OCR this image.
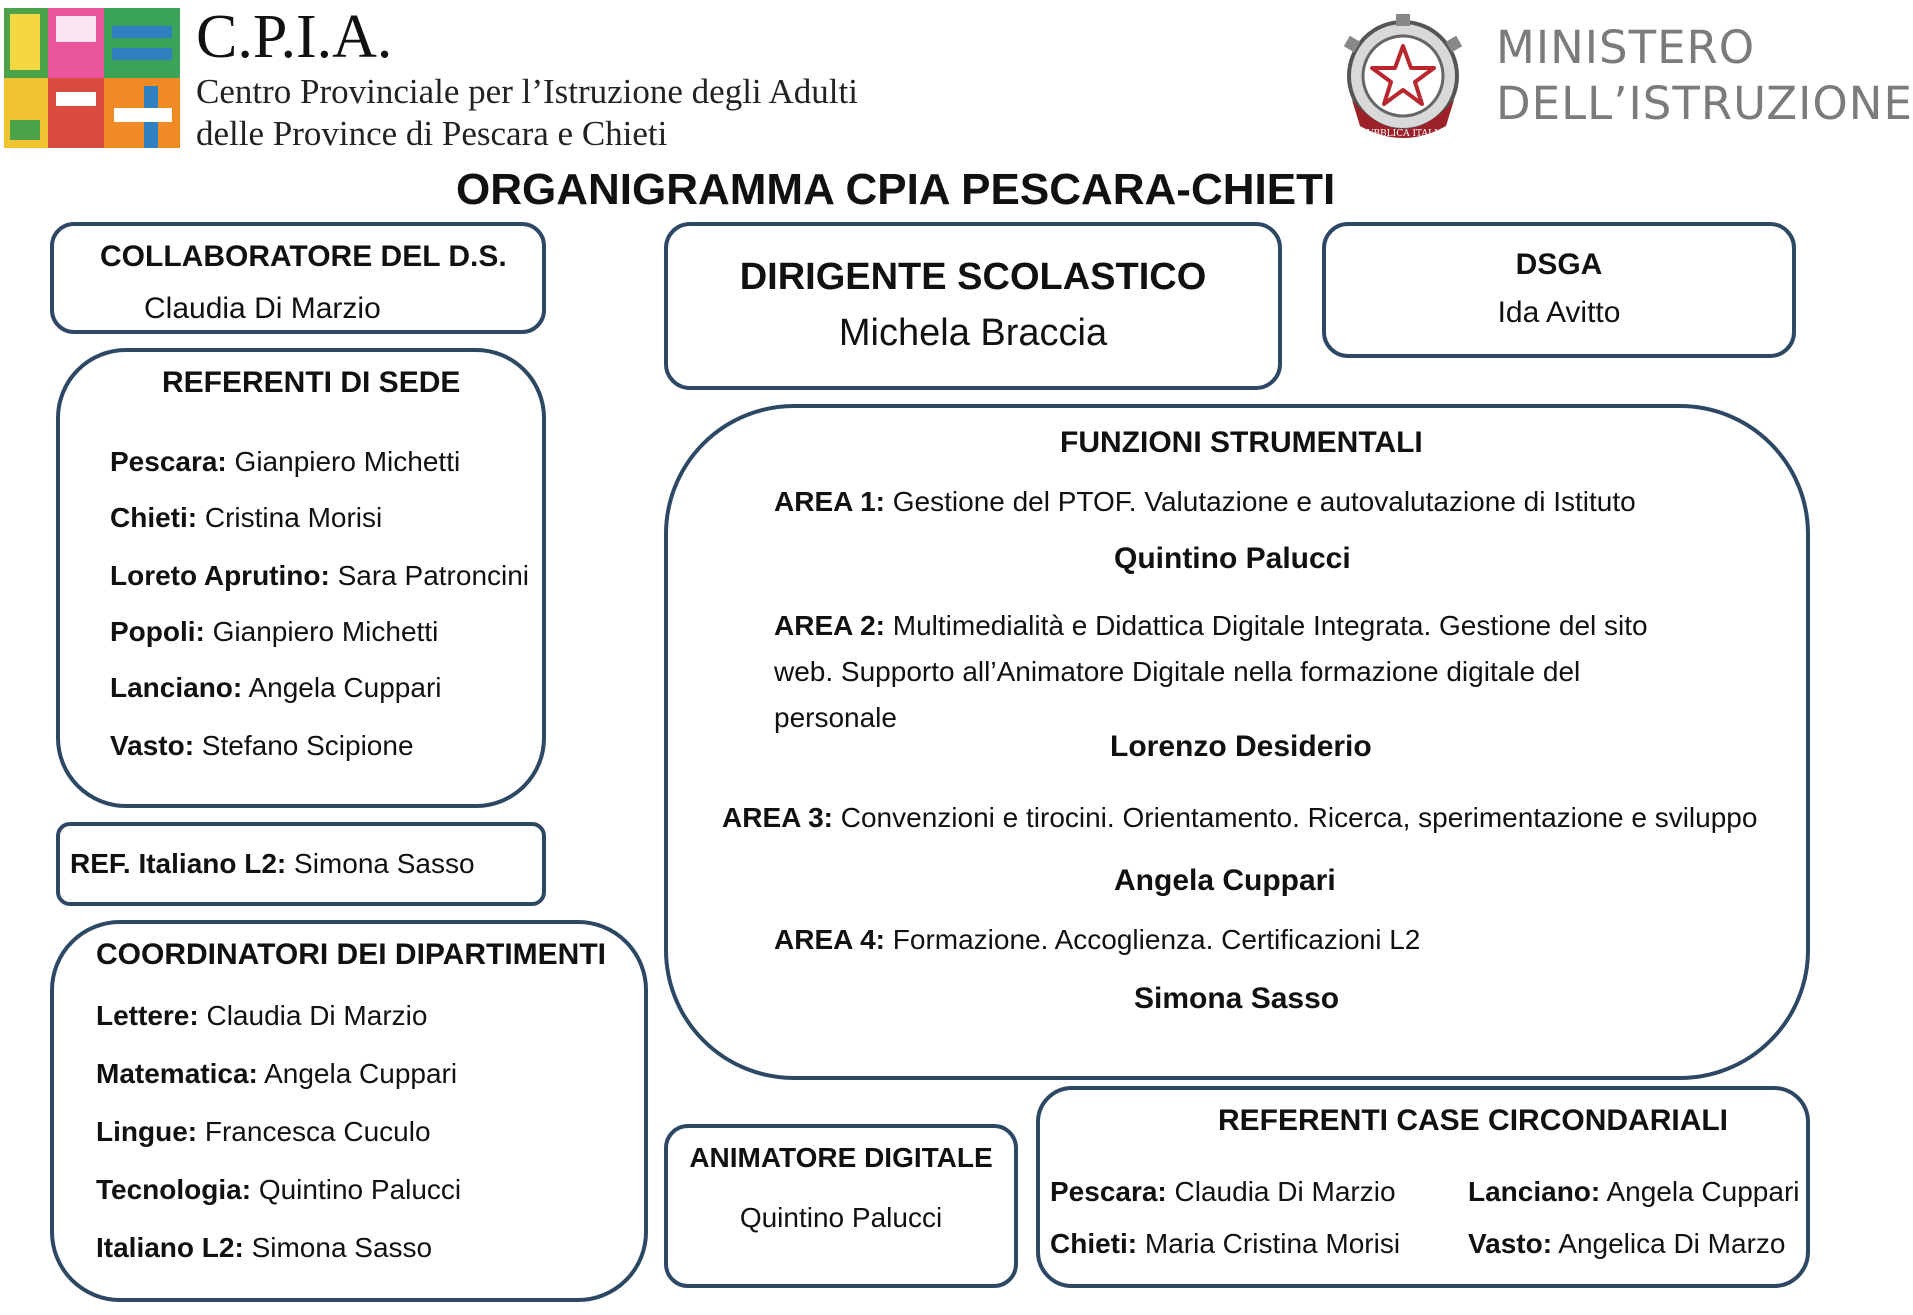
C.P.I.A.
Centro Provinciale per l’Istruzione degli Adulti
delle Province di Pescara e Chieti	REPVBBLICA ITALIANA
MINISTERO
DELL’ISTRUZIONE
ORGANIGRAMMA CPIA PESCARA-CHIETI
COLLABORATORE DEL D.S.
Claudia Di Marzio
REFERENTI DI SEDE
Pescara: Gianpiero Michetti
Chieti: Cristina Morisi
Loreto Aprutino: Sara Patroncini
Popoli: Gianpiero Michetti
Lanciano: Angela Cuppari
Vasto: Stefano Scipione
REF. Italiano L2: Simona Sasso
COORDINATORI DEI DIPARTIMENTI
Lettere: Claudia Di Marzio
Matematica: Angela Cuppari
Lingue: Francesca Cuculo
Tecnologia: Quintino Palucci
Italiano L2: Simona Sasso
DIRIGENTE SCOLASTICO
Michela Braccia
DSGA
Ida Avitto
FUNZIONI STRUMENTALI
AREA 1: Gestione del PTOF. Valutazione e autovalutazione di Istituto
Quintino Palucci
AREA 2: Multimedialità e Didattica Digitale Integrata. Gestione del sito
web. Supporto all’Animatore Digitale nella formazione digitale del
personale
Lorenzo Desiderio
AREA 3: Convenzioni e tirocini. Orientamento. Ricerca, sperimentazione e sviluppo
Angela Cuppari
AREA 4: Formazione. Accoglienza. Certificazioni L2
Simona Sasso
ANIMATORE DIGITALE
Quintino Palucci
REFERENTI CASE CIRCONDARIALI
Pescara: Claudia Di Marzio	Lanciano: Angela Cuppari
Chieti: Maria Cristina Morisi Vasto: Angelica Di Marzo
